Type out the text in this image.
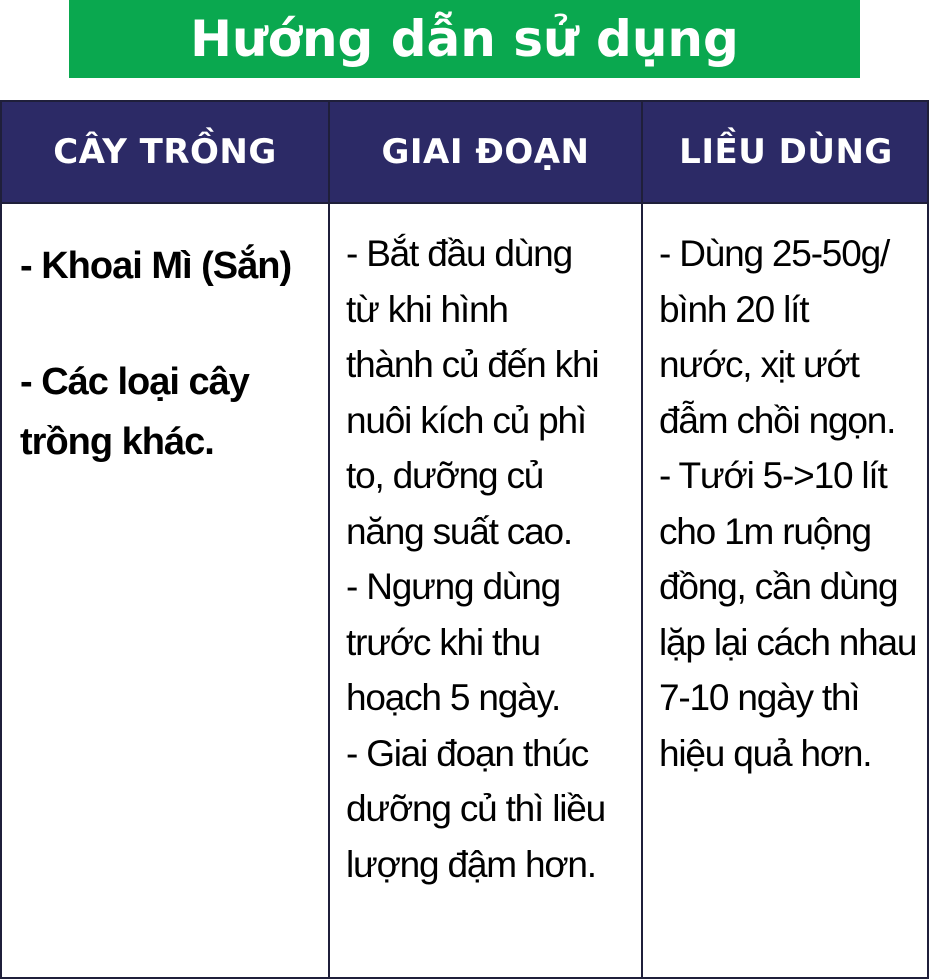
Hướng dẫn sử dụng
CÂY TRỒNG	GIAI ĐOẠN	LIỀU DÙNG
- Khoai Mì (Sắn)
- Các loại cây trồng khác.
- Bắt đầu dùng
từ khi hình
thành củ đến khi
nuôi kích củ phì
to, dưỡng củ
năng suất cao.
- Ngưng dùng
trước khi thu
hoạch 5 ngày.
- Giai đoạn thúc
dưỡng củ thì liều
lượng đậm hơn.
- Dùng 25-50g/
bình 20 lít
nước, xịt ướt
đẫm chồi ngọn.
- Tưới 5->10 lít
cho 1m ruộng
đồng, cần dùng
lặp lại cách nhau
7-10 ngày thì
hiệu quả hơn.
